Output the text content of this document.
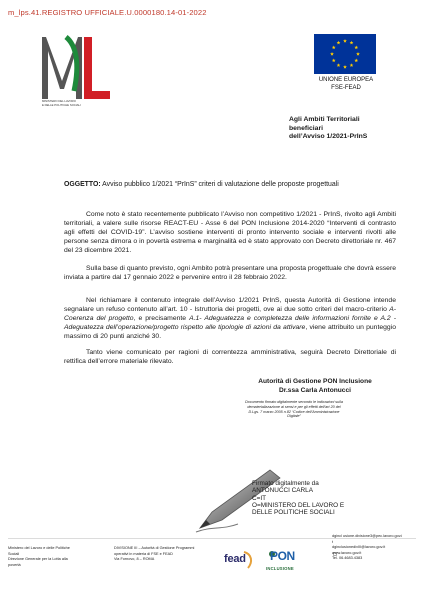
m_lps.41.REGISTRO UFFICIALE.U.0000180.14-01-2022
MINISTERO DEL LAVORO
E DELLE POLITICHE SOCIALI
UNIONE EUROPEA
FSE-FEAD
Agli Ambiti Territoriali
beneficiari
dell’Avviso 1/2021-PrInS
OGGETTO: Avviso pubblico 1/2021 “PrInS” criteri di valutazione delle proposte progettuali

Come noto è stato recentemente pubblicato l’Avviso non competitivo 1/2021 - PrInS, rivolto agli Ambiti territoriali, a valere sulle risorse REACT-EU - Asse 6 del PON Inclusione 2014-2020 “Interventi di contrasto agli effetti del COVID-19”. L’avviso sostiene interventi di pronto intervento sociale e interventi rivolti alle persone senza dimora o in povertà estrema e marginalità ed è stato approvato con Decreto direttoriale nr. 467 del 23 dicembre 2021.

Sulla base di quanto previsto, ogni Ambito potrà presentare una proposta progettuale che dovrà essere inviata a partire dal 17 gennaio 2022 e pervenire entro il 28 febbraio 2022.

Nel richiamare il contenuto integrale dell’Avviso 1/2021 PrInS, questa Autorità di Gestione intende segnalare un refuso contenuto all’art. 10 - Istruttoria dei progetti, ove ai due sotto criteri del macro-criterio A- Coerenza del progetto, e precisamente A.1- Adeguatezza e completezza delle informazioni fornite e A.2 - Adeguatezza dell’operazione/progetto rispetto alle tipologie di azioni da attivare, viene attribuito un punteggio massimo di 20 punti anziché 30.

Tanto viene comunicato per ragioni di correntezza amministrativa, seguirà Decreto Direttoriale di rettifica dell’errore materiale rilevato.

Autorità di Gestione PON Inclusione
Dr.ssa Carla Antonucci
Documento firmato digitalmente secondo le indicazioni sulla dematerializzazione ai sensi e per gli effetti dell’art 20 del D.Lgs. 7 marzo 2005 n.82 “Codice dell’Amministrazione Digitale”
Firmato digitalmente da
ANTONUCCI CARLA
C=IT
O=MINISTERO DEL LAVORO E
DELLE POLITICHE SOCIALI
Ministero del Lavoro e delle Politiche
Sociali
Direzione Generale per la Lotta alla
povertà
DIVISIONE III – Autorità di Gestione Programmi
operativi in materia di FSE e FEAD
Via Fornovo, 8 – ROMA	fead PON
INCLUSIONE
dgincl usione.divisione3@pec.lavoro.gov.i
t
dginclusionedivIII@lavoro.gov.it
www.lavoro.gov.it
Tel. 06.4683.4383
